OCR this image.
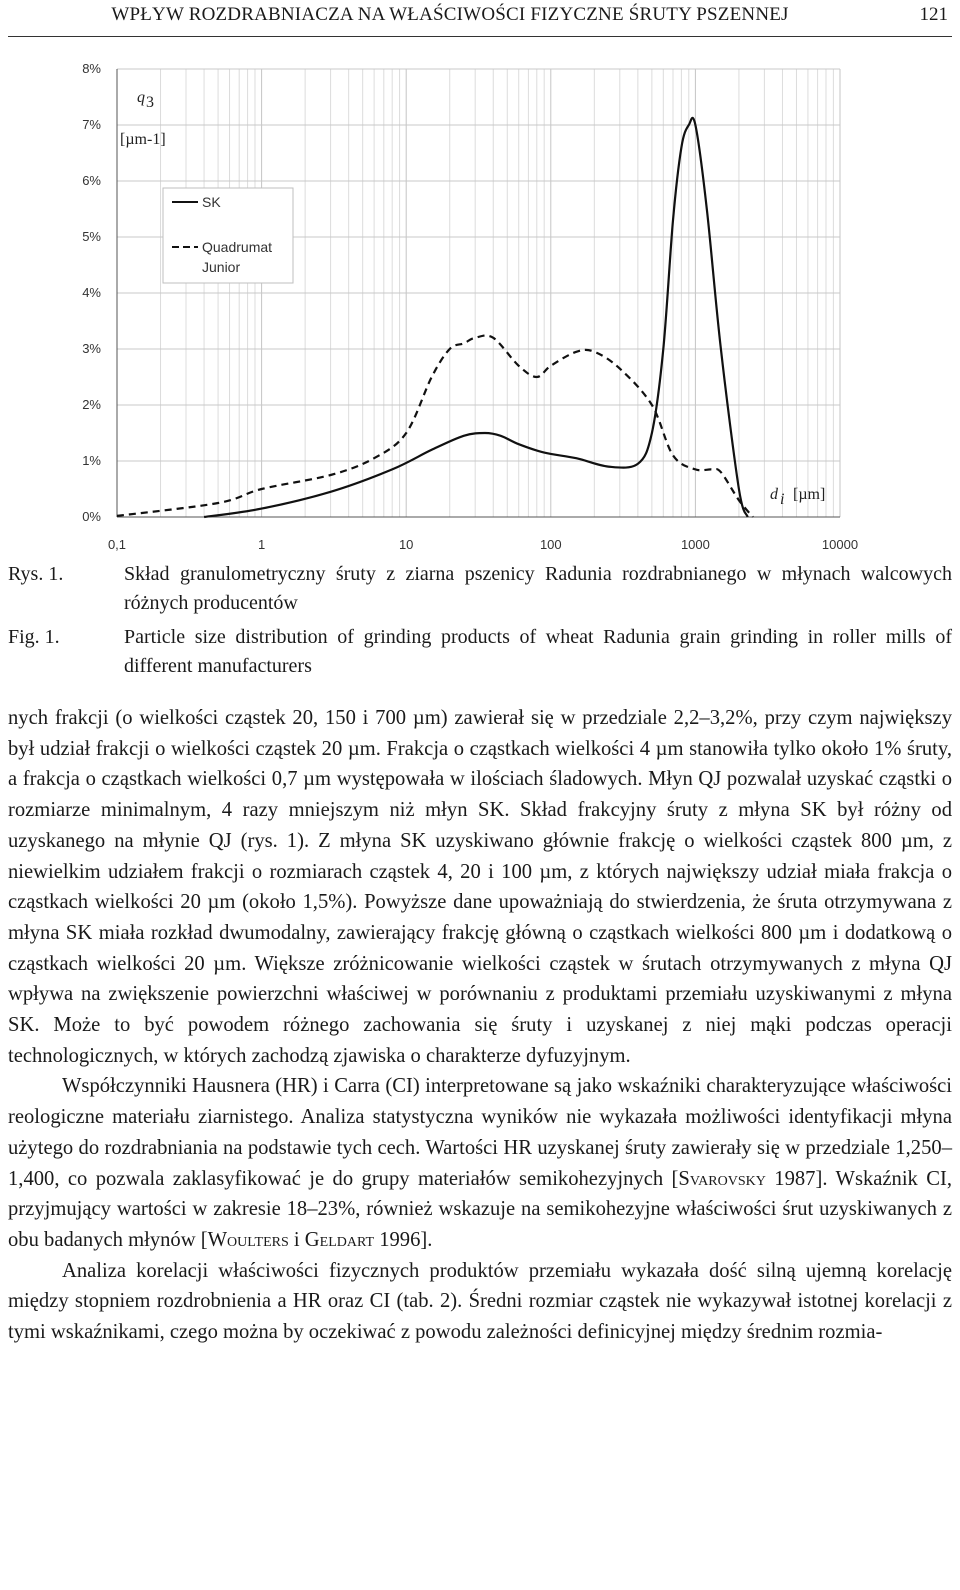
WPŁYW ROZDRABNIACZA NA WŁAŚCIWOŚCI FIZYCZNE ŚRUTY PSZENNEJ	121
0%
1%
2%
3%
4%
5%
6%
7%
8%
0,1	1	10	100	1000	10000
q 3
[µm-1]
SK
Quadrumat Junior
d i [µm]
Rys. 1.	Skład granulometryczny śruty z ziarna pszenicy Radunia rozdrabnianego w młynach walcowych różnych producentów
Fig. 1.	Particle size distribution of grinding products of wheat Radunia grain grinding in roller mills of different manufacturers

nych frakcji (o wielkości cząstek 20, 150 i 700 µm) zawierał się w przedziale 2,2–3,2%, przy czym największy był udział frakcji o wielkości cząstek 20 µm. Frakcja o cząstkach wielkości 4 µm stanowiła tylko około 1% śruty, a frakcja o cząstkach wielkości 0,7 µm występowała w ilościach śladowych. Młyn QJ pozwalał uzyskać cząstki o rozmiarze minimalnym, 4 razy mniejszym niż młyn SK. Skład frakcyjny śruty z młyna SK był różny od uzyskanego na młynie QJ (rys. 1). Z młyna SK uzyskiwano głównie frakcję o wielkości cząstek 800 µm, z niewielkim udziałem frakcji o rozmiarach cząstek 4, 20 i 100 µm, z których największy udział miała frakcja o cząstkach wielkości 20 µm (około 1,5%). Powyższe dane upoważniają do stwierdzenia, że śruta otrzymywana z młyna SK miała rozkład dwumodalny, zawierający frakcję główną o cząstkach wielkości 800 µm i dodatkową o cząstkach wielkości 20 µm. Większe zróżnicowanie wielkości cząstek w śrutach otrzymywanych z młyna QJ wpływa na zwiększenie powierzchni właściwej w porównaniu z produktami przemiału uzyskiwanymi z młyna SK. Może to być powodem różnego zachowania się śruty i uzyskanej z niej mąki podczas operacji technologicznych, w których zachodzą zjawiska o charakterze dyfuzyjnym.

Współczynniki Hausnera (HR) i Carra (CI) interpretowane są jako wskaźniki charakteryzujące właściwości reologiczne materiału ziarnistego. Analiza statystyczna wyników nie wykazała możliwości identyfikacji młyna użytego do rozdrabniania na podstawie tych cech. Wartości HR uzyskanej śruty zawierały się w przedziale 1,250–1,400, co pozwala zaklasyfikować je do grupy materiałów semikohezyjnych [Svarovsky 1987]. Wskaźnik CI, przyjmujący wartości w zakresie 18–23%, również wskazuje na semikohezyjne właściwości śrut uzyskiwanych z obu badanych młynów [Woulters i Geldart 1996].

Analiza korelacji właściwości fizycznych produktów przemiału wykazała dość silną ujemną korelację między stopniem rozdrobnienia a HR oraz CI (tab. 2). Średni rozmiar cząstek nie wykazywał istotnej korelacji z tymi wskaźnikami, czego można by oczekiwać z powodu zależności definicyjnej między średnim rozmia-
